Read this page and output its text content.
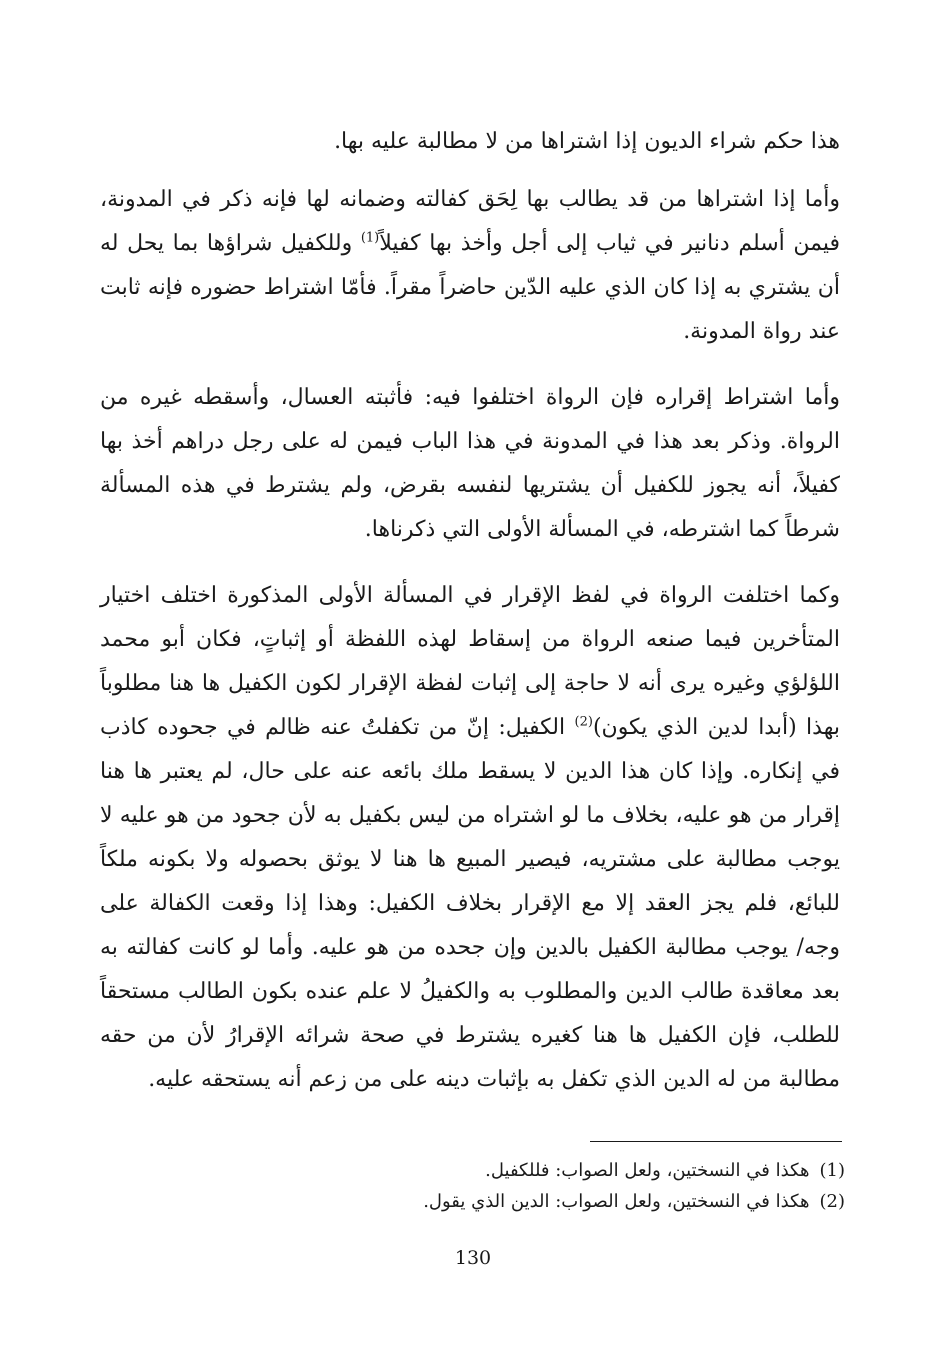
هذا حكم شراء الديون إذا اشتراها من لا مطالبة عليه بها.

وأما إذا اشتراها من قد يطالب بها لِحَق كفالته وضمانه لها فإنه ذكر في المدونة، فيمن أسلم دنانير في ثياب إلى أجل وأخذ بها كفيلاً$^{(1)}$ وللكفيل شراؤها بما يحل له أن يشتري به إذا كان الذي عليه الدّين حاضراً مقراً. فأمّا اشتراط حضوره فإنه ثابت عند رواة المدونة.

وأما اشتراط إقراره فإن الرواة اختلفوا فيه: فأثبته العسال، وأسقطه غيره من الرواة. وذكر بعد هذا في المدونة في هذا الباب فيمن له على رجل دراهم أخذ بها كفيلاً، أنه يجوز للكفيل أن يشتريها لنفسه بقرض، ولم يشترط في هذه المسألة شرطاً كما اشترطه، في المسألة الأولى التي ذكرناها.

وكما اختلفت الرواة في لفظ الإقرار في المسألة الأولى المذكورة اختلف اختيار المتأخرين فيما صنعه الرواة من إسقاط لهذه اللفظة أو إثباتٍ، فكان أبو محمد اللؤلؤي وغيره يرى أنه لا حاجة إلى إثبات لفظة الإقرار لكون الكفيل ها هنا مطلوباً بهذا (أبدا لدين الذي يكون)$^{(2)}$ الكفيل: إنّ من تكفلتُ عنه ظالم في جحوده كاذب في إنكاره. وإذا كان هذا الدين لا يسقط ملك بائعه عنه على حال، لم يعتبر ها هنا إقرار من هو عليه، بخلاف ما لو اشتراه من ليس بكفيل به لأن جحود من هو عليه لا يوجب مطالبة على مشتريه، فيصير المبيع ها هنا لا يوثق بحصوله ولا بكونه ملكاً للبائع، فلم يجز العقد إلا مع الإقرار بخلاف الكفيل: وهذا إذا وقعت الكفالة على وجه/ يوجب مطالبة الكفيل بالدين وإن جحده من هو عليه. وأما لو كانت كفالته به بعد معاقدة طالب الدين والمطلوب به والكفيلُ لا علم عنده بكون الطالب مستحقاً للطلب، فإن الكفيل ها هنا كغيره يشترط في صحة شرائه الإقرارُ لأن من حقه مطالبة من له الدين الذي تكفل به بإثبات دينه على من زعم أنه يستحقه عليه.

(1)هكذا في النسختين، ولعل الصواب: فللكفيل.
(2)هكذا في النسختين، ولعل الصواب: الدين الذي يقول.
130
